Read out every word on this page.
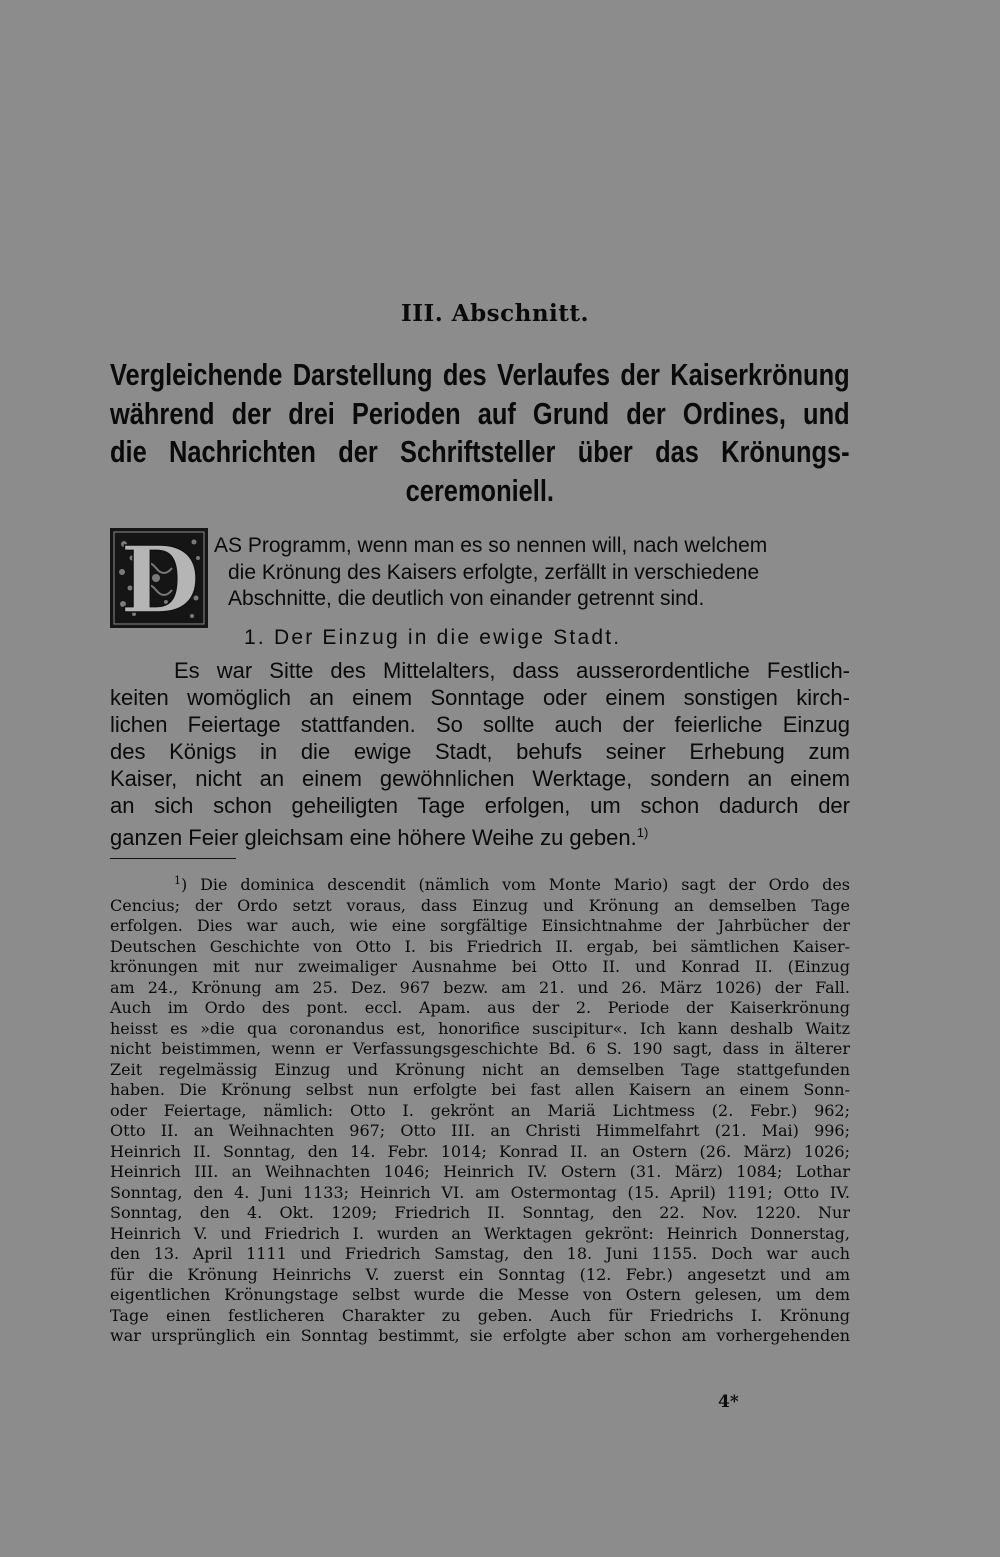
III. Abschnitt.
Vergleichende Darstellung des Verlaufes der Kaiserkrönung
während der drei Perioden auf Grund der Ordines, und
die Nachrichten der Schriftsteller über das Krönungs-
ceremoniell.
D AS Programm, wenn man es so nennen will, nach welchem
die Krönung des Kaisers erfolgte, zerfällt in verschiedene
Abschnitte, die deutlich von einander getrennt sind.
1. Der Einzug in die ewige Stadt.
Es war Sitte des Mittelalters, dass ausserordentliche Festlich-
keiten womöglich an einem Sonntage oder einem sonstigen kirch-
lichen Feiertage stattfanden. So sollte auch der feierliche Einzug
des Königs in die ewige Stadt, behufs seiner Erhebung zum
Kaiser, nicht an einem gewöhnlichen Werktage, sondern an einem
an sich schon geheiligten Tage erfolgen, um schon dadurch der
ganzen Feier gleichsam eine höhere Weihe zu geben.$^{1)}$
$^1$) Die dominica descendit (nämlich vom Monte Mario) sagt der Ordo des
Cencius; der Ordo setzt voraus, dass Einzug und Krönung an demselben Tage
erfolgen. Dies war auch, wie eine sorgfältige Einsichtnahme der Jahrbücher der
Deutschen Geschichte von Otto I. bis Friedrich II. ergab, bei sämtlichen Kaiser-
krönungen mit nur zweimaliger Ausnahme bei Otto II. und Konrad II. (Einzug
am 24., Krönung am 25. Dez. 967 bezw. am 21. und 26. März 1026) der Fall.
Auch im Ordo des pont. eccl. Apam. aus der 2. Periode der Kaiserkrönung
heisst es »die qua coronandus est, honorifice suscipitur«. Ich kann deshalb Waitz
nicht beistimmen, wenn er Verfassungsgeschichte Bd. 6 S. 190 sagt, dass in älterer
Zeit regelmässig Einzug und Krönung nicht an demselben Tage stattgefunden
haben. Die Krönung selbst nun erfolgte bei fast allen Kaisern an einem Sonn-
oder Feiertage, nämlich: Otto I. gekrönt an Mariä Lichtmess (2. Febr.) 962;
Otto II. an Weihnachten 967; Otto III. an Christi Himmelfahrt (21. Mai) 996;
Heinrich II. Sonntag, den 14. Febr. 1014; Konrad II. an Ostern (26. März) 1026;
Heinrich III. an Weihnachten 1046; Heinrich IV. Ostern (31. März) 1084; Lothar
Sonntag, den 4. Juni 1133; Heinrich VI. am Ostermontag (15. April) 1191; Otto IV.
Sonntag, den 4. Okt. 1209; Friedrich II. Sonntag, den 22. Nov. 1220. Nur
Heinrich V. und Friedrich I. wurden an Werktagen gekrönt: Heinrich Donnerstag,
den 13. April 1111 und Friedrich Samstag, den 18. Juni 1155. Doch war auch
für die Krönung Heinrichs V. zuerst ein Sonntag (12. Febr.) angesetzt und am
eigentlichen Krönungstage selbst wurde die Messe von Ostern gelesen, um dem
Tage einen festlicheren Charakter zu geben. Auch für Friedrichs I. Krönung
war ursprünglich ein Sonntag bestimmt, sie erfolgte aber schon am vorhergehenden
4*
